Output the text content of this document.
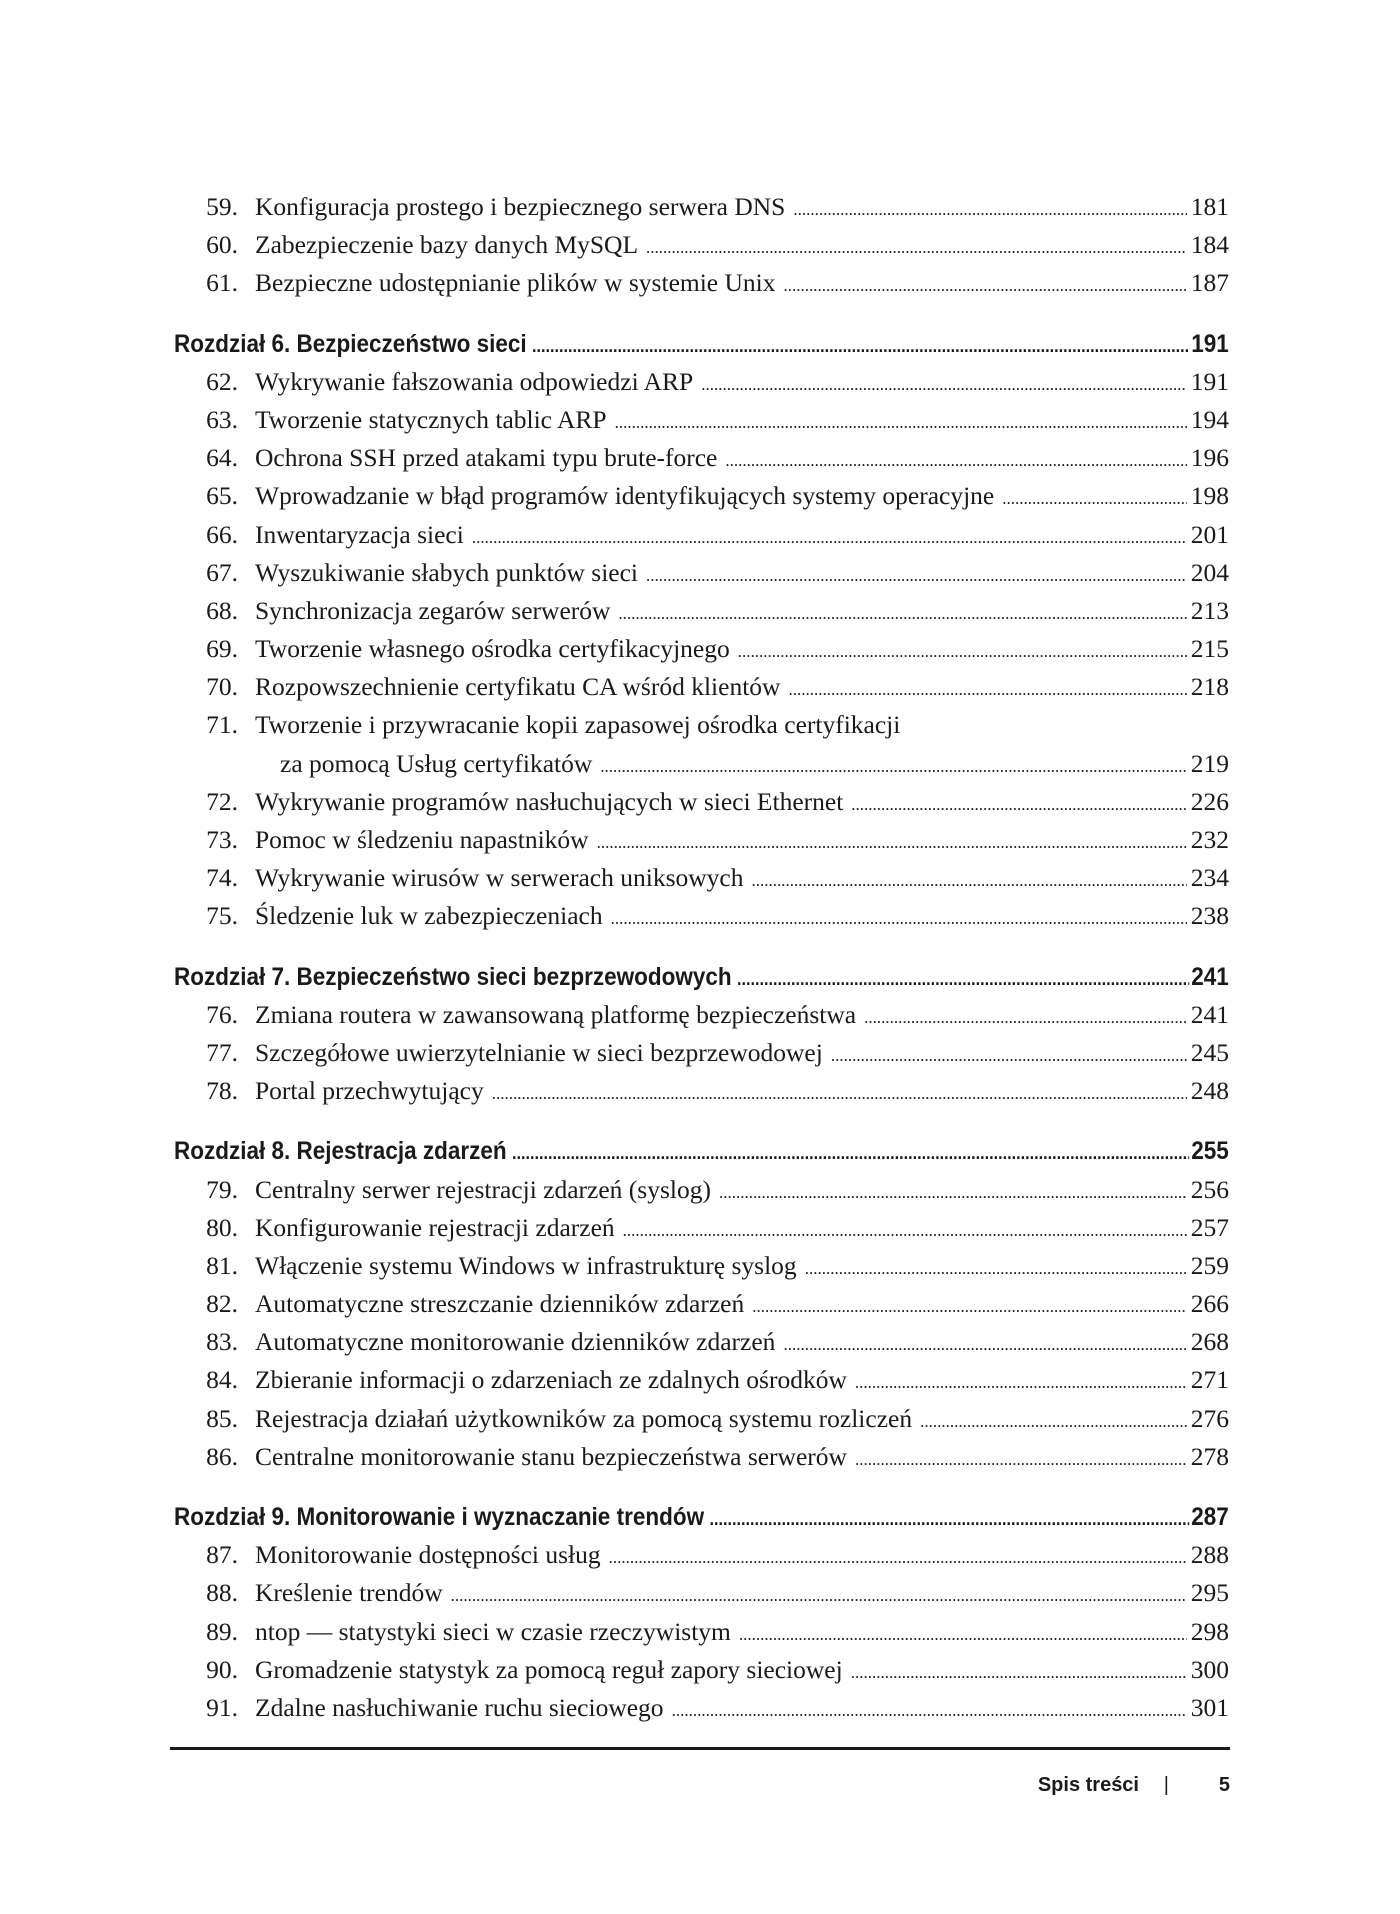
59. Konfiguracja prostego i bezpiecznego serwera DNS .....	181
60. Zabezpieczenie bazy danych MySQL .....	184
61. Bezpieczne udostępnianie plików w systemie Unix .....	187
Rozdział 6. Bezpieczeństwo sieci .....	191
62. Wykrywanie fałszowania odpowiedzi ARP .....	191
63. Tworzenie statycznych tablic ARP .....	194
64. Ochrona SSH przed atakami typu brute-force .....	196
65. Wprowadzanie w błąd programów identyfikujących systemy operacyjne .....	198
66. Inwentaryzacja sieci .....	201
67. Wyszukiwanie słabych punktów sieci .....	204
68. Synchronizacja zegarów serwerów .....	213
69. Tworzenie własnego ośrodka certyfikacyjnego .....	215
70. Rozpowszechnienie certyfikatu CA wśród klientów .....	218
71. Tworzenie i przywracanie kopii zapasowej ośrodka certyfikacji
za pomocą Usług certyfikatów .....	219
72. Wykrywanie programów nasłuchujących w sieci Ethernet .....	226
73. Pomoc w śledzeniu napastników .....	232
74. Wykrywanie wirusów w serwerach uniksowych .....	234
75. Śledzenie luk w zabezpieczeniach .....	238
Rozdział 7. Bezpieczeństwo sieci bezprzewodowych .....	241
76. Zmiana routera w zawansowaną platformę bezpieczeństwa .....	241
77. Szczegółowe uwierzytelnianie w sieci bezprzewodowej .....	245
78. Portal przechwytujący .....	248
Rozdział 8. Rejestracja zdarzeń .....	255
79. Centralny serwer rejestracji zdarzeń (syslog) .....	256
80. Konfigurowanie rejestracji zdarzeń .....	257
81. Włączenie systemu Windows w infrastrukturę syslog .....	259
82. Automatyczne streszczanie dzienników zdarzeń .....	266
83. Automatyczne monitorowanie dzienników zdarzeń .....	268
84. Zbieranie informacji o zdarzeniach ze zdalnych ośrodków .....	271
85. Rejestracja działań użytkowników za pomocą systemu rozliczeń .....	276
86. Centralne monitorowanie stanu bezpieczeństwa serwerów .....	278
Rozdział 9. Monitorowanie i wyznaczanie trendów .....	287
87. Monitorowanie dostępności usług .....	288
88. Kreślenie trendów .....	295
89. ntop — statystyki sieci w czasie rzeczywistym .....	298
90. Gromadzenie statystyk za pomocą reguł zapory sieciowej .....	300
91. Zdalne nasłuchiwanie ruchu sieciowego .....	301
Spis treści | 5
